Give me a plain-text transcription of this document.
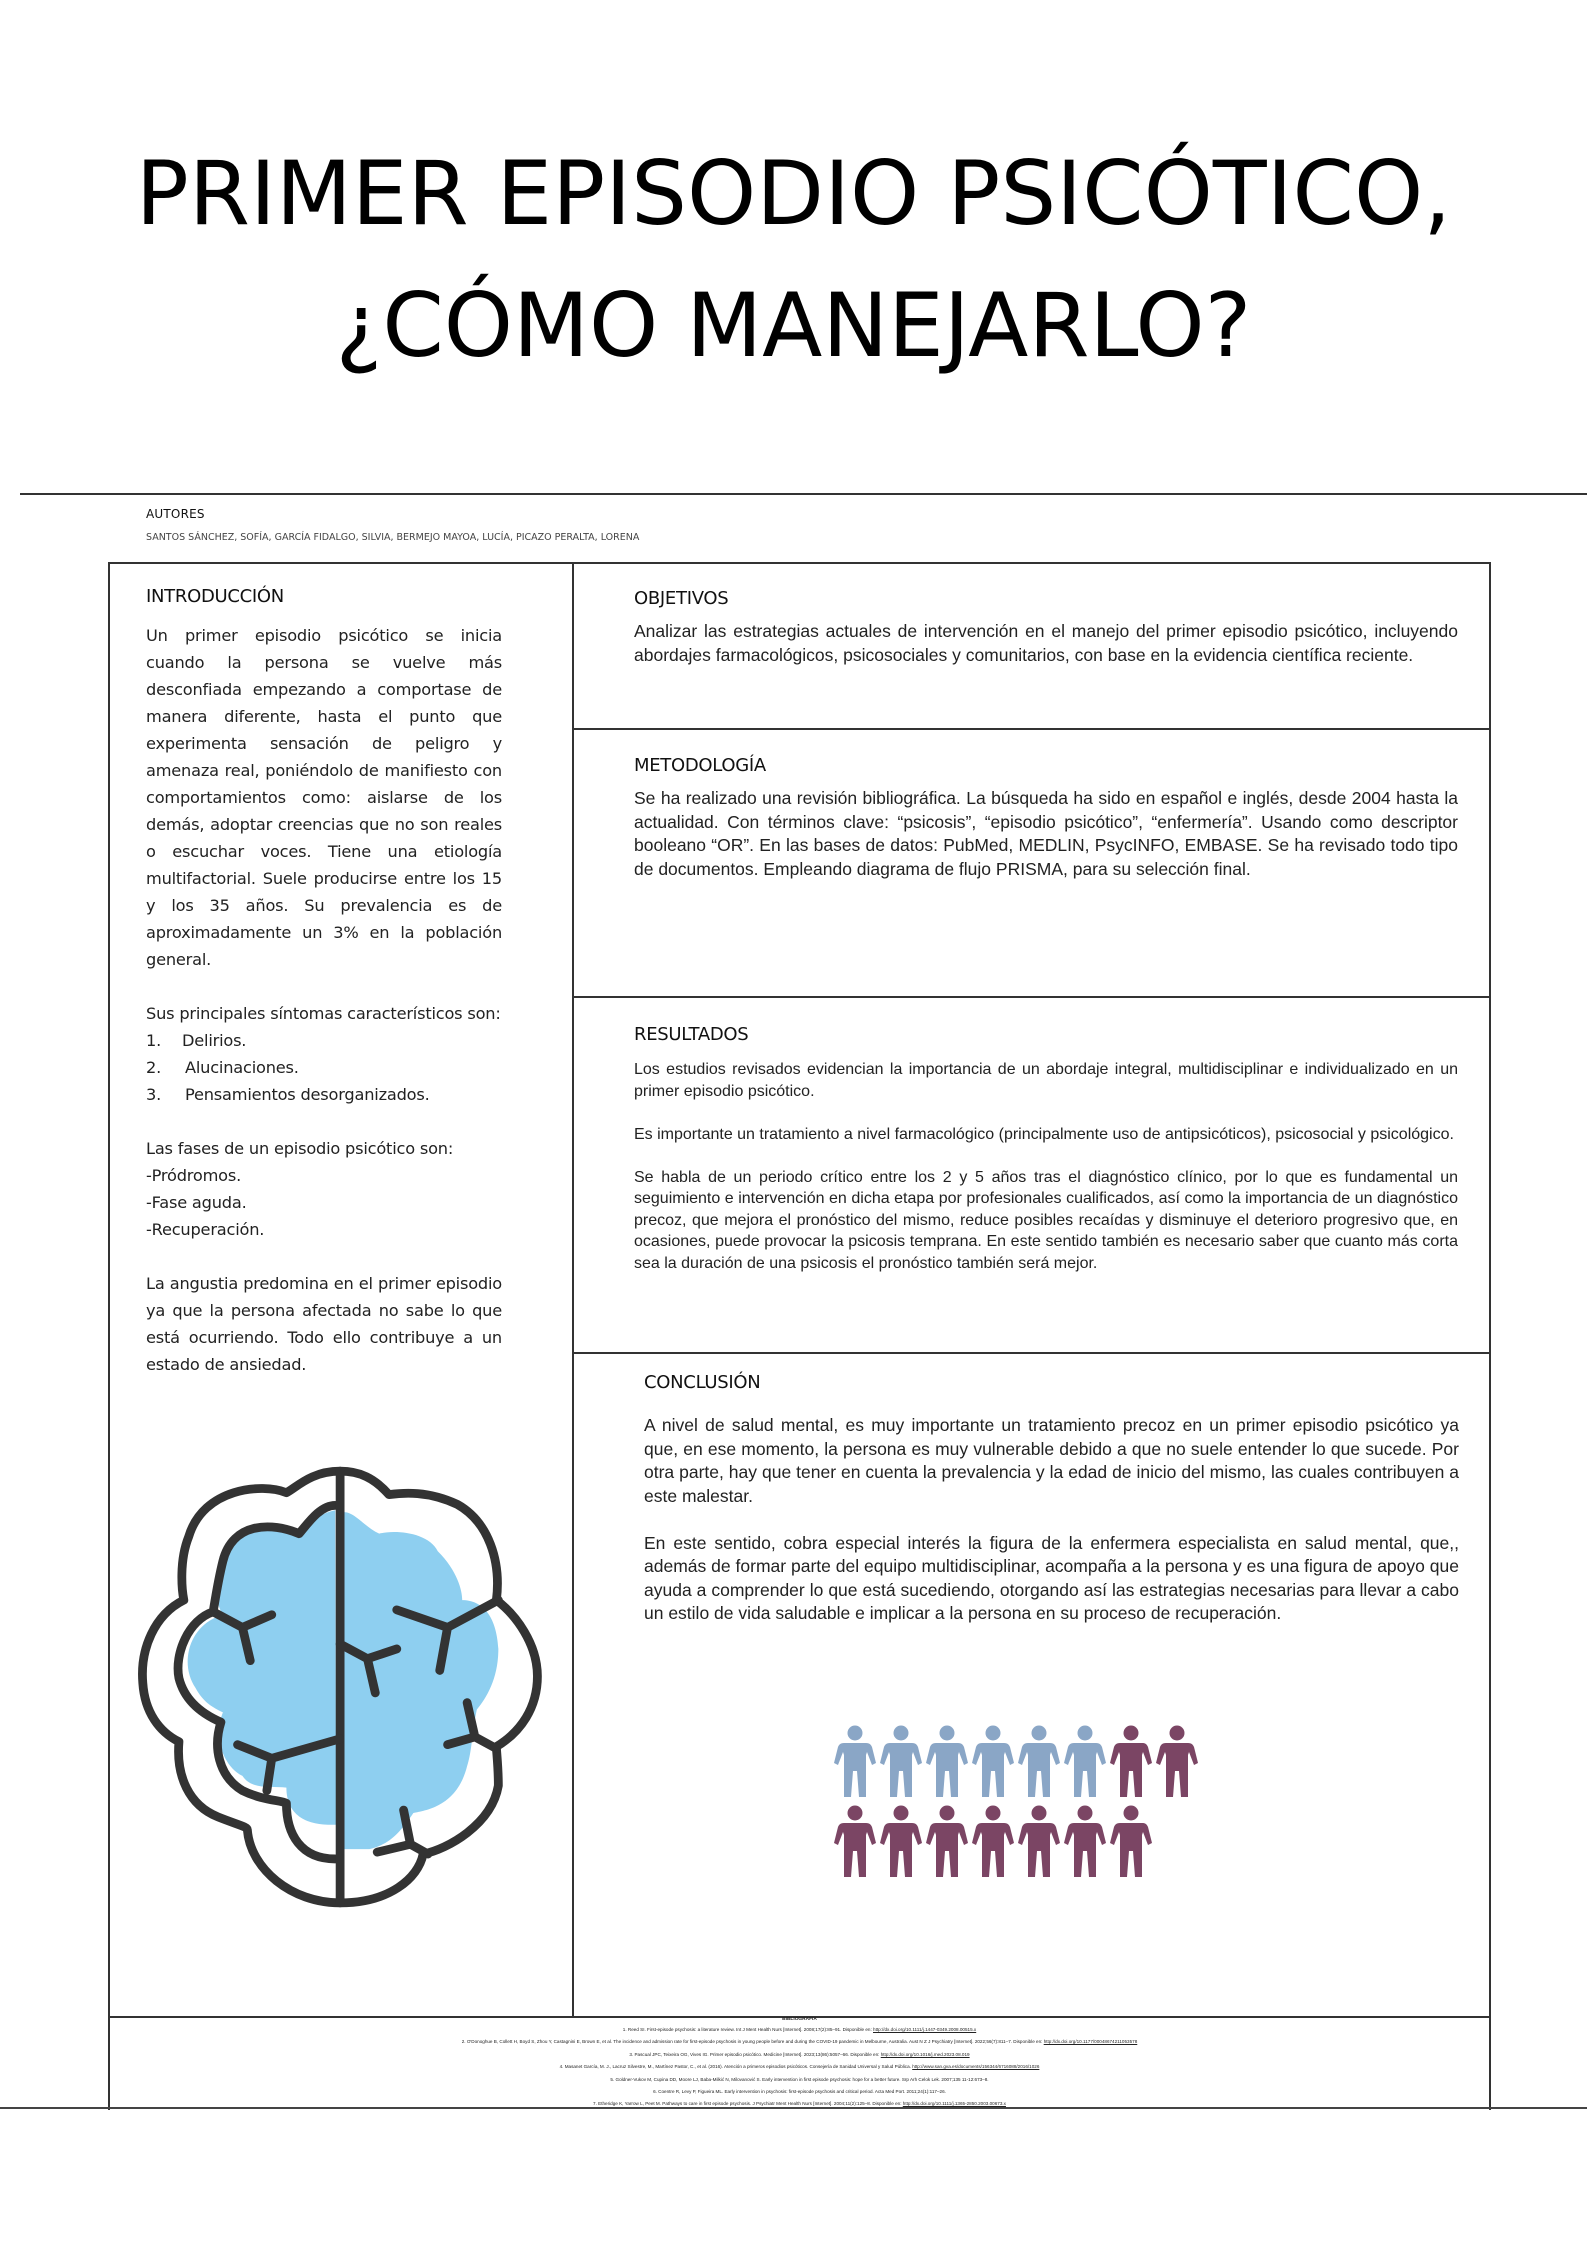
PRIMER EPISODIO PSICÓTICO,
¿CÓMO MANEJARLO?
AUTORES
SANTOS SÁNCHEZ, SOFÍA, GARCÍA FIDALGO, SILVIA, BERMEJO MAYOA, LUCÍA, PICAZO PERALTA, LORENA
INTRODUCCIÓN

Un primer episodio psicótico se inicia cuando la persona se vuelve más desconfiada empezando a comportase de manera diferente, hasta el punto que experimenta sensación de peligro y amenaza real, poniéndolo de manifiesto con comportamientos como: aislarse de los demás, adoptar creencias que no son reales o escuchar voces. Tiene una etiología multifactorial. Suele producirse entre los 15 y los 35 años. Su prevalencia es de aproximadamente un 3% en la población general.

Sus principales síntomas característicos son:

1.	Delirios.
2.	Alucinaciones.
3.	Pensamientos desorganizados.

Las fases de un episodio psicótico son:

-Pródromos.

-Fase aguda.

-Recuperación.

La angustia predomina en el primer episodio ya que la persona afectada no sabe lo que está ocurriendo. Todo ello contribuye a un estado de ansiedad.

OBJETIVOS
Analizar las estrategias actuales de intervención en el manejo del primer episodio psicótico, incluyendo abordajes farmacológicos, psicosociales y comunitarios, con base en la evidencia científica reciente.
METODOLOGÍA
Se ha realizado una revisión bibliográfica. La búsqueda ha sido en español e inglés, desde 2004 hasta la actualidad. Con términos clave: “psicosis”, “episodio psicótico”, “enfermería”. Usando como descriptor booleano “OR”. En las bases de datos: PubMed, MEDLIN, PsycINFO, EMBASE. Se ha revisado todo tipo de documentos. Empleando diagrama de flujo PRISMA, para su selección final.
RESULTADOS

Los estudios revisados evidencian la importancia de un abordaje integral, multidisciplinar e individualizado en un primer episodio psicótico.

Es importante un tratamiento a nivel farmacológico (principalmente uso de antipsicóticos), psicosocial y psicológico.

Se habla de un periodo crítico entre los 2 y 5 años tras el diagnóstico clínico, por lo que es fundamental un seguimiento e intervención en dicha etapa por profesionales cualificados, así como la importancia de un diagnóstico precoz, que mejora el pronóstico del mismo, reduce posibles recaídas y disminuye el deterioro progresivo que, en ocasiones, puede provocar la psicosis temprana. En este sentido también es necesario saber que cuanto más corta sea la duración de una psicosis el pronóstico también será mejor.

CONCLUSIÓN

A nivel de salud mental, es muy importante un tratamiento precoz en un primer episodio psicótico ya que, en ese momento, la persona es muy vulnerable debido a que no suele entender lo que sucede. Por otra parte, hay que tener en cuenta la prevalencia y la edad de inicio del mismo, las cuales contribuyen a este malestar.

En este sentido, cobra especial interés la figura de la enfermera especialista en salud mental, que,, además de formar parte del equipo multidisciplinar, acompaña a la persona y es una figura de apoyo que ayuda a comprender lo que está sucediendo, otorgando así las estrategias necesarias para llevar a cabo un estilo de vida saludable e implicar a la persona en su proceso de recuperación.

BIBLIOGRAFIA
1. Reed SI. First-episode psychosis: a literature review. Int J Ment Health Nurs [Internet]. 2008;17(2):85–91. Disponible en: http://dx.doi.org/10.1111/j.1447-0349.2008.00515.x
2. O'Donoghue B, Collett H, Boyd S, Zhou Y, Castagnini E, Brown E, et al. The incidence and admission rate for first-episode psychosis in young people before and during the COVID-19 pandemic in Melbourne, Australia. Aust N Z J Psychiatry [Internet]. 2022;56(7):811–7. Disponible en: http://dx.doi.org/10.1177/00048674211053578
3. Pascual JPC, Teixeira OG, Vives IG. Primer episodio psicótico. Medicine [Internet]. 2023;13(86):5057–66. Disponible en: http://dx.doi.org/10.1016/j.med.2023.08.019
4. Masanet García, M. J., Lacruz Silvestre, M., Martínez Pastor, C., et al. (2016). Atención a primeros episodios psicóticos. Consejería de Sanidad Universal y Salud Pública. http://www.san.gva.es/documents/156344/6716088/2016/1026
5. Goldner-Vukov M, Cupina DD, Moore LJ, Baba-Milkić N, Milovanović S. Early intervention in first episode psychosis: hope for a better future. Srp Arh Celok Lek. 2007;135 11-12:673–8.
6. Coentre R, Levy P, Figueira ML. Early intervention in psychosis: first-episode psychosis and critical period. Acta Med Port. 2011;24(1):117–26.
7. Etheridge K, Yarrow L, Peet M. Pathways to care in first episode psychosis. J Psychiatr Ment Health Nurs [Internet]. 2004;11(2):125–8. Disponible en: http://dx.doi.org/10.1111/j.1365-2850.2003.00673.x
